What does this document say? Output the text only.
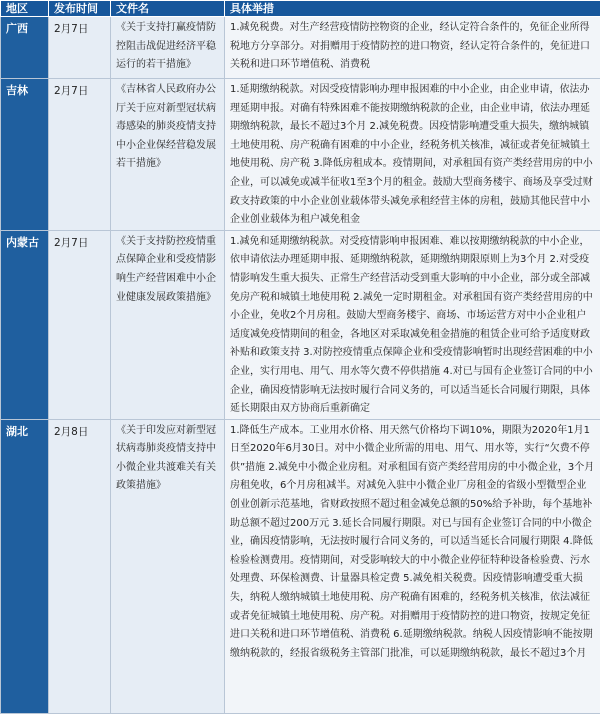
地区	发布时间	文件名	具体举措
广西	2月7日	《关于支持打赢疫情防控阻击战促进经济平稳运行的若干措施》	1.减免税费。对生产经营疫情防控物资的企业，经认定符合条件的，免征企业所得税地方分享部分。对捐赠用于疫情防控的进口物资，经认定符合条件的，免征进口关税和进口环节增值税、消费税
吉林	2月7日	《吉林省人民政府办公厅关于应对新型冠状病毒感染的肺炎疫情支持中小企业保经营稳发展若干措施》	1.延期缴纳税款。对因受疫情影响办理申报困难的中小企业，由企业申请，依法办理延期申报。对确有特殊困难不能按期缴纳税款的企业，由企业申请，依法办理延期缴纳税款，最长不超过3个月 2.减免税费。因疫情影响遭受重大损失，缴纳城镇土地使用税、房产税确有困难的中小企业，经税务机关核准，减征或者免征城镇土地使用税、房产税 3.降低房租成本。疫情期间，对承租国有资产类经营用房的中小企业，可以减免或减半征收1至3个月的租金。鼓励大型商务楼宇、商场及享受过财政支持政策的中小企业创业载体带头减免承租经营主体的房租，鼓励其他民营中小企业创业载体为租户减免租金
内蒙古	2月7日	《关于支持防控疫情重点保障企业和受疫情影响生产经营困难中小企业健康发展政策措施》	1.减免和延期缴纳税款。对受疫情影响申报困难、难以按期缴纳税款的中小企业，依申请依法办理延期申报、延期缴纳税款，延期缴纳期限原则上为3个月 2.对受疫情影响发生重大损失、正常生产经营活动受到重大影响的中小企业，部分或全部减免房产税和城镇土地使用税 2.减免一定时期租金。对承租国有资产类经营用房的中小企业，免收2个月房租。鼓励大型商务楼宇、商场、市场运营方对中小企业租户适度减免疫情期间的租金，各地区对采取减免租金措施的租赁企业可给予适度财政补贴和政策支持 3.对防控疫情重点保障企业和受疫情影响暂时出现经营困难的中小企业，实行用电、用气、用水等欠费不停供措施 4.对已与国有企业签订合同的中小企业，确因疫情影响无法按时履行合同义务的，可以适当延长合同履行期限，具体延长期限由双方协商后重新确定
湖北	2月8日	《关于印发应对新型冠状病毒肺炎疫情支持中小微企业共渡难关有关政策措施》	1.降低生产成本。工业用水价格、用天然气价格均下调10%，期限为2020年1月1日至2020年6月30日。对中小微企业所需的用电、用气、用水等，实行“欠费不停供”措施 2.减免中小微企业房租。对承租国有资产类经营用房的中小微企业，3个月房租免收，6个月房租减半。对减免入驻中小微企业厂房租金的省级小型微型企业创业创新示范基地，省财政按照不超过租金减免总额的50%给予补助，每个基地补助总额不超过200万元 3.延长合同履行期限。对已与国有企业签订合同的中小微企业，确因疫情影响，无法按时履行合同义务的，可以适当延长合同履行期限 4.降低检验检测费用。疫情期间，对受影响较大的中小微企业停征特种设备检验费、污水处理费、环保检测费、计量器具检定费 5.减免相关税费。因疫情影响遭受重大损失，纳税人缴纳城镇土地使用税、房产税确有困难的，经税务机关核准，依法减征或者免征城镇土地使用税、房产税。对捐赠用于疫情防控的进口物资，按规定免征进口关税和进口环节增值税、消费税 6.延期缴纳税款。纳税人因疫情影响不能按期缴纳税款的，经报省级税务主管部门批准，可以延期缴纳税款，最长不超过3个月
